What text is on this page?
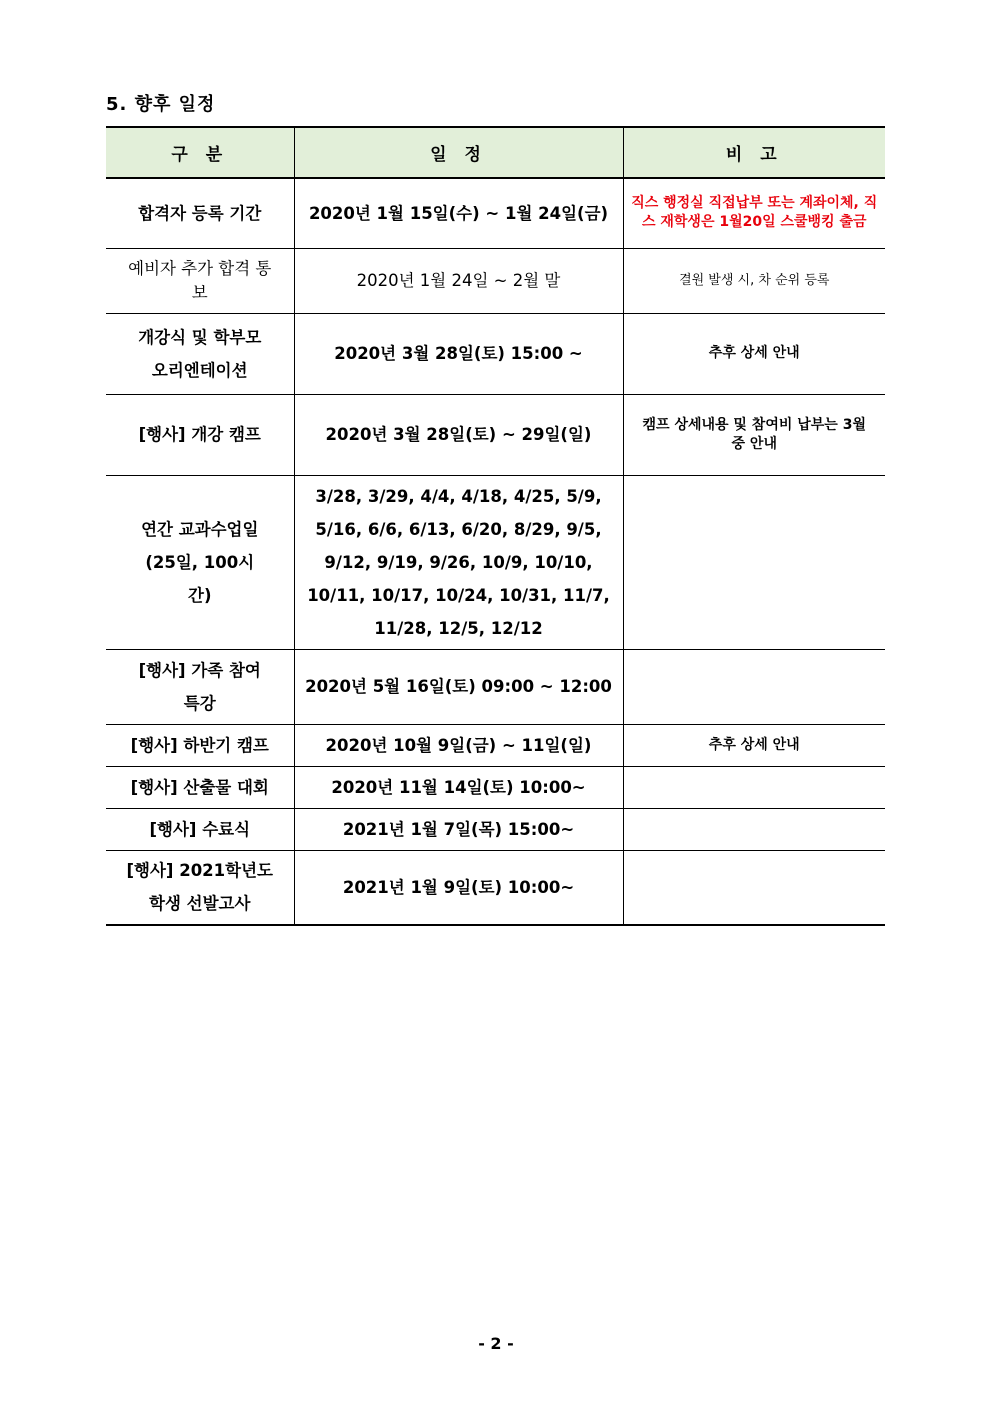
5. 향후 일정
구 분	일 정	비 고
합격자 등록 기간	2020년 1월 15일(수) ~ 1월 24일(금)	직스 행정실 직접납부 또는 계좌이체, 직스 재학생은 1월20일 스쿨뱅킹 출금
예비자 추가 합격 통보	2020년 1월 24일 ~ 2월 말	결원 발생 시, 차 순위 등록
개강식 및 학부모 오리엔테이션	2020년 3월 28일(토) 15:00 ~	추후 상세 안내
[행사] 개강 캠프	2020년 3월 28일(토) ~ 29일(일)	캠프 상세내용 및 참여비 납부는 3월 중 안내
연간 교과수업일 (25일, 100시간)	3/28, 3/29, 4/4, 4/18, 4/25, 5/9, 5/16, 6/6, 6/13, 6/20, 8/29, 9/5, 9/12, 9/19, 9/26, 10/9, 10/10, 10/11, 10/17, 10/24, 10/31, 11/7, 11/28, 12/5, 12/12	
[행사] 가족 참여 특강	2020년 5월 16일(토) 09:00 ~ 12:00	
[행사] 하반기 캠프	2020년 10월 9일(금) ~ 11일(일)	추후 상세 안내
[행사] 산출물 대회	2020년 11월 14일(토) 10:00~	
[행사] 수료식	2021년 1월 7일(목) 15:00~	
[행사] 2021학년도 학생 선발고사	2021년 1월 9일(토) 10:00~	
- 2 -
